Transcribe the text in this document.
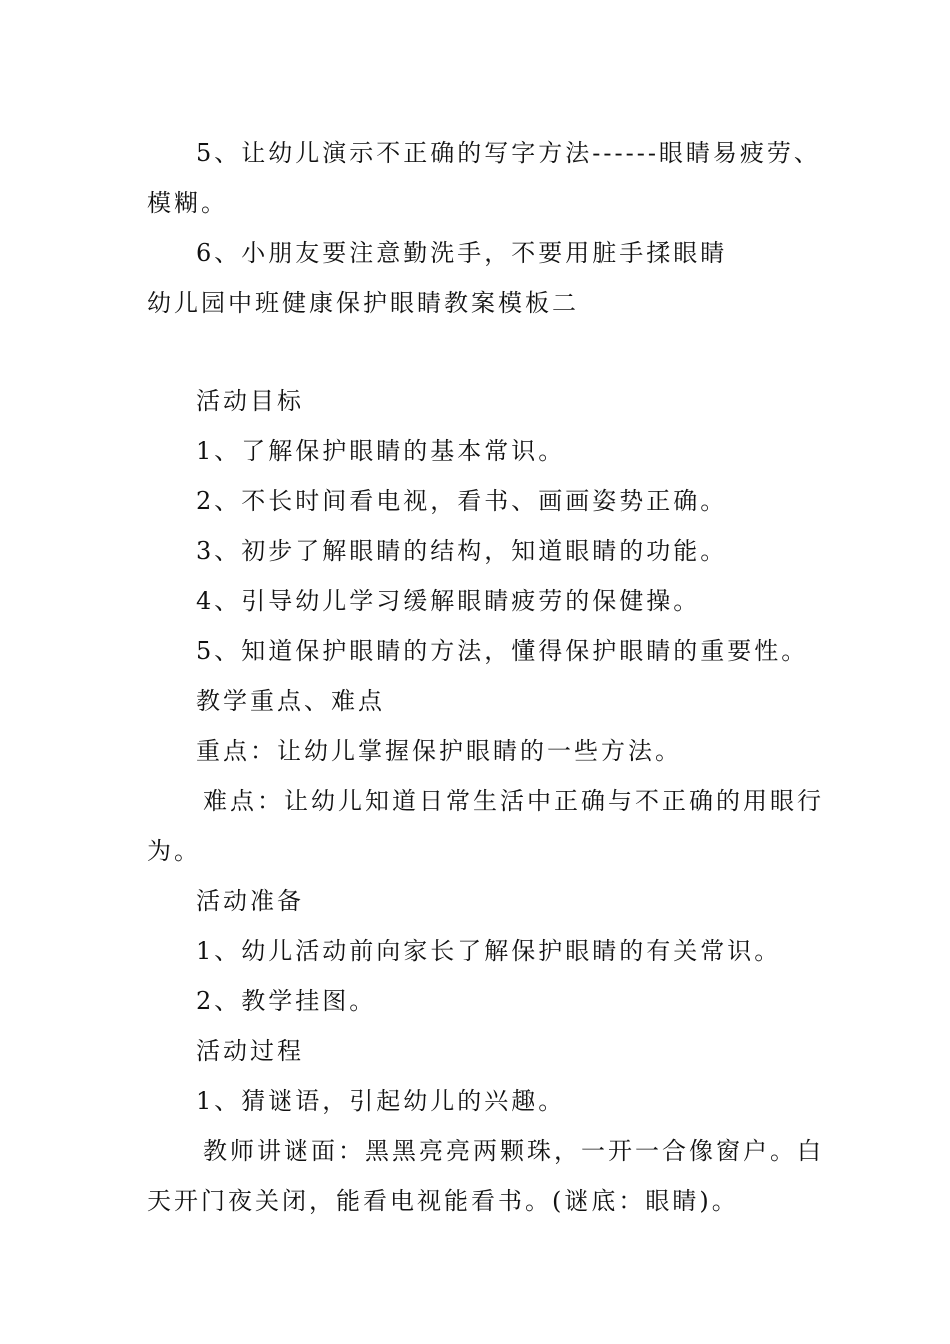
5、让幼儿演示不正确的写字方法------眼睛易疲劳、
模糊。
6、小朋友要注意勤洗手，不要用脏手揉眼睛
幼儿园中班健康保护眼睛教案模板二
活动目标
1、了解保护眼睛的基本常识。
2、不长时间看电视，看书、画画姿势正确。
3、初步了解眼睛的结构，知道眼睛的功能。
4、引导幼儿学习缓解眼睛疲劳的保健操。
5、知道保护眼睛的方法，懂得保护眼睛的重要性。
教学重点、难点
重点：让幼儿掌握保护眼睛的一些方法。
难点：让幼儿知道日常生活中正确与不正确的用眼行
为。
活动准备
1、幼儿活动前向家长了解保护眼睛的有关常识。
2、教学挂图。
活动过程
1、猜谜语，引起幼儿的兴趣。
教师讲谜面：黑黑亮亮两颗珠，一开一合像窗户。白
天开门夜关闭，能看电视能看书。(谜底：眼睛)。
